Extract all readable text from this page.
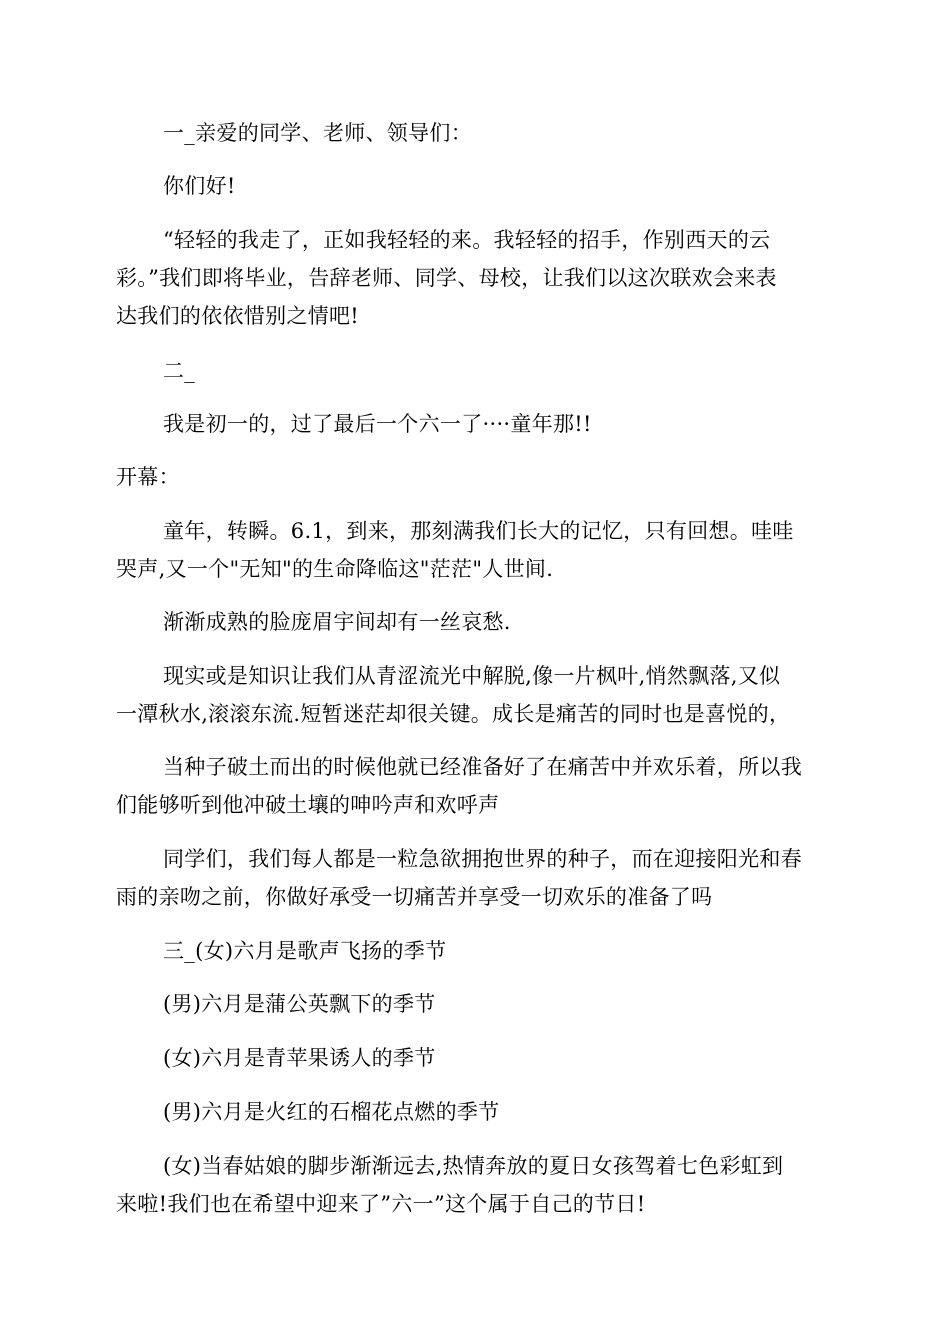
一_亲爱的同学、老师、领导们：

你们好!

“轻轻的我走了，正如我轻轻的来。我轻轻的招手，作别西天的云
彩。”我们即将毕业，告辞老师、同学、母校，让我们以这次联欢会来表
达我们的依依惜别之情吧!

二_

我是初一的，过了最后一个六一了····童年那!!

开幕：

童年，转瞬。6.1，到来，那刻满我们长大的记忆，只有回想。哇哇
哭声,又一个"无知"的生命降临这"茫茫"人世间.

渐渐成熟的脸庞眉宇间却有一丝哀愁.

现实或是知识让我们从青涩流光中解脱,像一片枫叶,悄然飘落,又似
一潭秋水,滚滚东流.短暂迷茫却很关键。成长是痛苦的同时也是喜悦的，

当种子破土而出的时候他就已经准备好了在痛苦中并欢乐着，所以我
们能够听到他冲破土壤的呻吟声和欢呼声

同学们，我们每人都是一粒急欲拥抱世界的种子，而在迎接阳光和春
雨的亲吻之前，你做好承受一切痛苦并享受一切欢乐的准备了吗

三_(女)六月是歌声飞扬的季节

(男)六月是蒲公英飘下的季节

(女)六月是青苹果诱人的季节

(男)六月是火红的石榴花点燃的季节

(女)当春姑娘的脚步渐渐远去,热情奔放的夏日女孩驾着七色彩虹到
来啦!我们也在希望中迎来了”六一”这个属于自己的节日!
